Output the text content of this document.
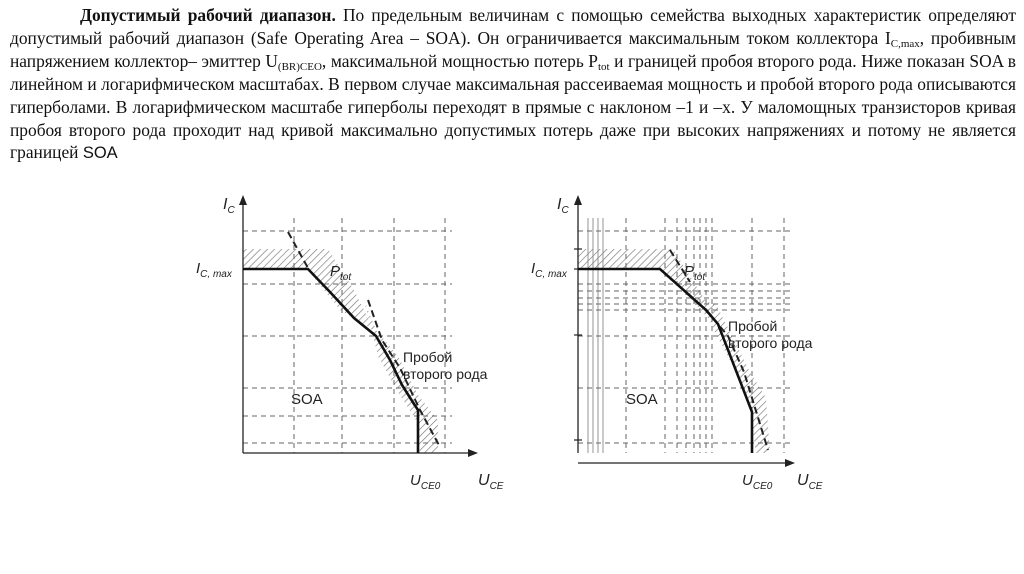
Допустимый рабочий диапазон. По предельным величинам с помощью семейства выходных характеристик определяют допустимый рабочий диапазон (Safe Operating Area – SOA). Он ограничивается максимальным током коллектора $I_{C,max}$, пробивным напряжением коллектор– эмиттер $U_{(BR)CEO}$, максимальной мощностью потерь $P_{tot}$ и границей пробоя второго рода. Ниже показан SOA в линейном и логарифмическом масштабах. В первом случае максимальная рассеиваемая мощность и пробой второго рода описываются гиперболами. В логарифмическом масштабе гиперболы переходят в прямые с наклоном –1 и –x. У маломощных транзисторов кривая пробоя второго рода проходит над кривой максимально допустимых потерь даже при высоких напряжениях и потому не является границей SOA
$I_C$
$I_{C, max}$	$P_{tot}$
Пробой
второго рода
SOA
$U_{CE0}$ $U_{CE}$
$I_C$
$I_{C, max}$	$P_{tot}$
Пробой
второго рода
SOA
$U_{CE0}$ $U_{CE}$
